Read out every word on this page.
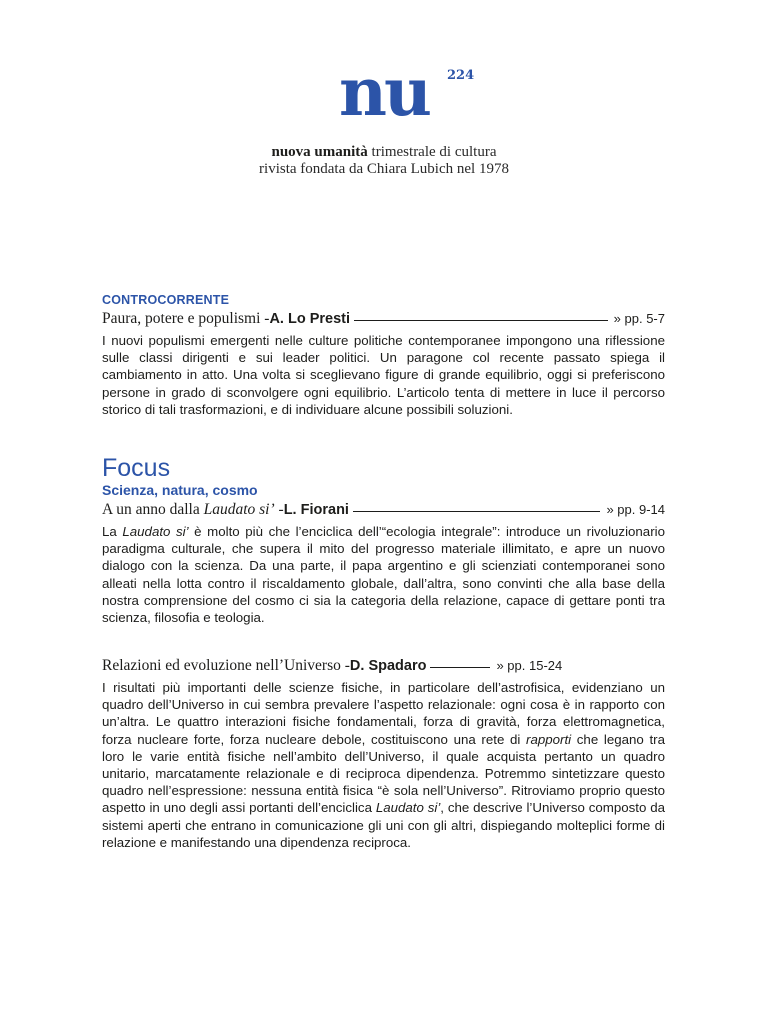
nu 224
nuova umanità trimestrale di cultura
rivista fondata da Chiara Lubich nel 1978
CONTROCORRENTE
Paura, potere e populismi - A. Lo Presti	» pp. 5-7
I nuovi populismi emergenti nelle culture politiche contemporanee impongono una riflessione sulle classi dirigenti e sui leader politici. Un paragone col recente passato spiega il cambiamento in atto. Una volta si sceglievano figure di grande equilibrio, oggi si preferiscono persone in grado di sconvolgere ogni equilibrio. L’articolo tenta di mettere in luce il percorso storico di tali trasformazioni, e di individuare alcune possibili soluzioni.
Focus
Scienza, natura, cosmo
A un anno dalla Laudato si’ - L. Fiorani	» pp. 9-14
La Laudato si’ è molto più che l’enciclica dell’“ecologia integrale”: introduce un rivoluzionario paradigma culturale, che supera il mito del progresso materiale illimitato, e apre un nuovo dialogo con la scienza. Da una parte, il papa argentino e gli scienziati contemporanei sono alleati nella lotta contro il riscaldamento globale, dall’altra, sono convinti che alla base della nostra comprensione del cosmo ci sia la categoria della relazione, capace di gettare ponti tra scienza, filosofia e teologia.
Relazioni ed evoluzione nell’Universo - D. Spadaro	» pp. 15-24
I risultati più importanti delle scienze fisiche, in particolare dell’astrofisica, evidenziano un quadro dell’Universo in cui sembra prevalere l’aspetto relazionale: ogni cosa è in rapporto con un’altra. Le quattro interazioni fisiche fondamentali, forza di gravità, forza elettromagnetica, forza nucleare forte, forza nucleare debole, costituiscono una rete di rapporti che legano tra loro le varie entità fisiche nell’ambito dell’Universo, il quale acquista pertanto un quadro unitario, marcatamente relazionale e di reciproca dipendenza. Potremmo sintetizzare questo quadro nell’espressione: nessuna entità fisica “è sola nell’Universo”. Ritroviamo proprio questo aspetto in uno degli assi portanti dell’enciclica Laudato si’, che descrive l’Universo composto da sistemi aperti che entrano in comunicazione gli uni con gli altri, dispiegando molteplici forme di relazione e manifestando una dipendenza reciproca.
